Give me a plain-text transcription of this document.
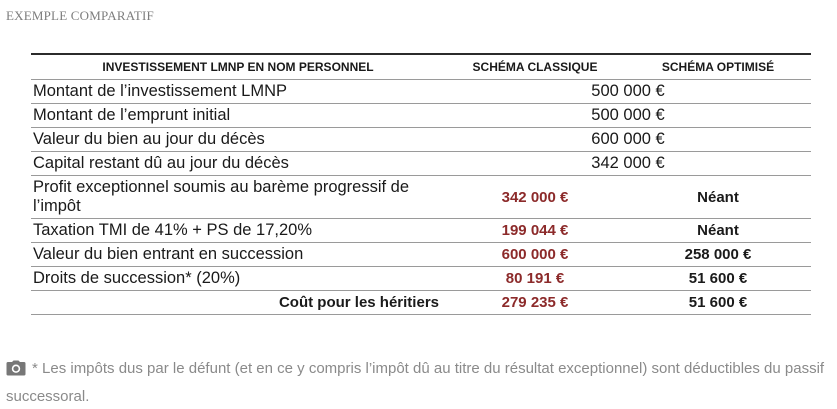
EXEMPLE COMPARATIF
INVESTISSEMENT LMNP EN NOM PERSONNEL	SCHÉMA CLASSIQUE	SCHÉMA OPTIMISÉ
Montant de l’investissement LMNP	500 000 €
Montant de l’emprunt initial	500 000 €
Valeur du bien au jour du décès	600 000 €
Capital restant dû au jour du décès	342 000 €
Profit exceptionnel soumis au barème progressif de l’impôt	342 000 €	Néant
Taxation TMI de 41% + PS de 17,20%	199 044 €	Néant
Valeur du bien entrant en succession	600 000 €	258 000 €
Droits de succession* (20%)	80 191 €	51 600 €
Coût pour les héritiers	279 235 €	51 600 €
* Les impôts dus par le défunt (et en ce y compris l’impôt dû au titre du résultat exceptionnel) sont déductibles du passif successoral.
